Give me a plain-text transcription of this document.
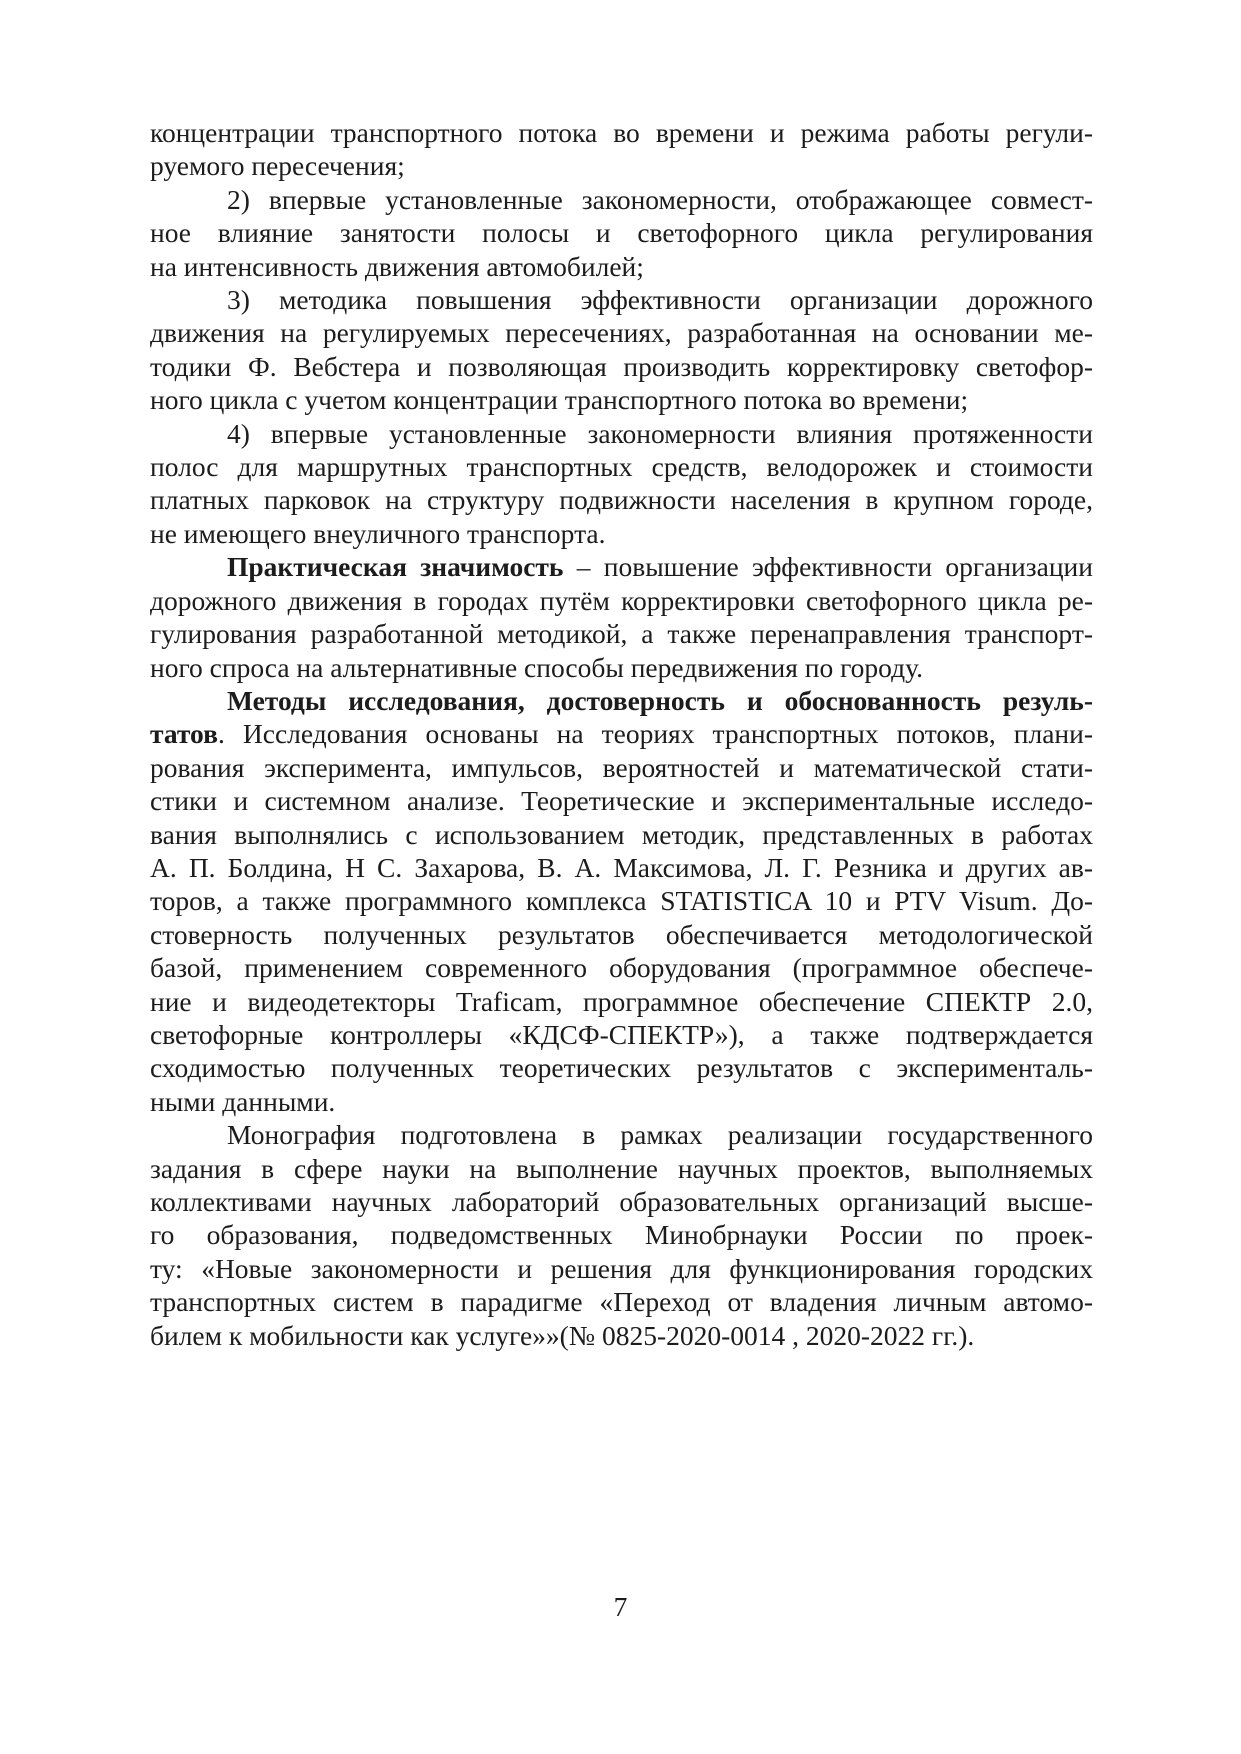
концентрации транспортного потока во времени и режима работы регули-
руемого пересечения;
2) впервые установленные закономерности, отображающее совмест-
ное влияние занятости полосы и светофорного цикла регулирования
на интенсивность движения автомобилей;
3) методика повышения эффективности организации дорожного
движения на регулируемых пересечениях, разработанная на основании ме-
тодики Ф. Вебстера и позволяющая производить корректировку светофор-
ного цикла с учетом концентрации транспортного потока во времени;
4) впервые установленные закономерности влияния протяженности
полос для маршрутных транспортных средств, велодорожек и стоимости
платных парковок на структуру подвижности населения в крупном городе,
не имеющего внеуличного транспорта.
Практическая значимость – повышение эффективности организации
дорожного движения в городах путём корректировки светофорного цикла ре-
гулирования разработанной методикой, а также перенаправления транспорт-
ного спроса на альтернативные способы передвижения по городу.
Методы исследования, достоверность и обоснованность резуль-
татов. Исследования основаны на теориях транспортных потоков, плани-
рования эксперимента, импульсов, вероятностей и математической стати-
стики и системном анализе. Теоретические и экспериментальные исследо-
вания выполнялись с использованием методик, представленных в работах
А. П. Болдина, Н С. Захарова, В. А. Максимова, Л. Г. Резника и других ав-
торов, а также программного комплекса STATISTICA 10 и PTV Visum. До-
стоверность полученных результатов обеспечивается методологической
базой, применением современного оборудования (программное обеспече-
ние и видеодетекторы Traficam, программное обеспечение СПЕКТР 2.0,
светофорные контроллеры «КДСФ-СПЕКТР»), а также подтверждается
сходимостью полученных теоретических результатов с эксперименталь-
ными данными.
Монография подготовлена в рамках реализации государственного
задания в сфере науки на выполнение научных проектов, выполняемых
коллективами научных лабораторий образовательных организаций высше-
го образования, подведомственных Минобрнауки России по проек-
ту: «Новые закономерности и решения для функционирования городских
транспортных систем в парадигме «Переход от владения личным автомо-
билем к мобильности как услуге»»(№ 0825-2020-0014 , 2020-2022 гг.).
7
